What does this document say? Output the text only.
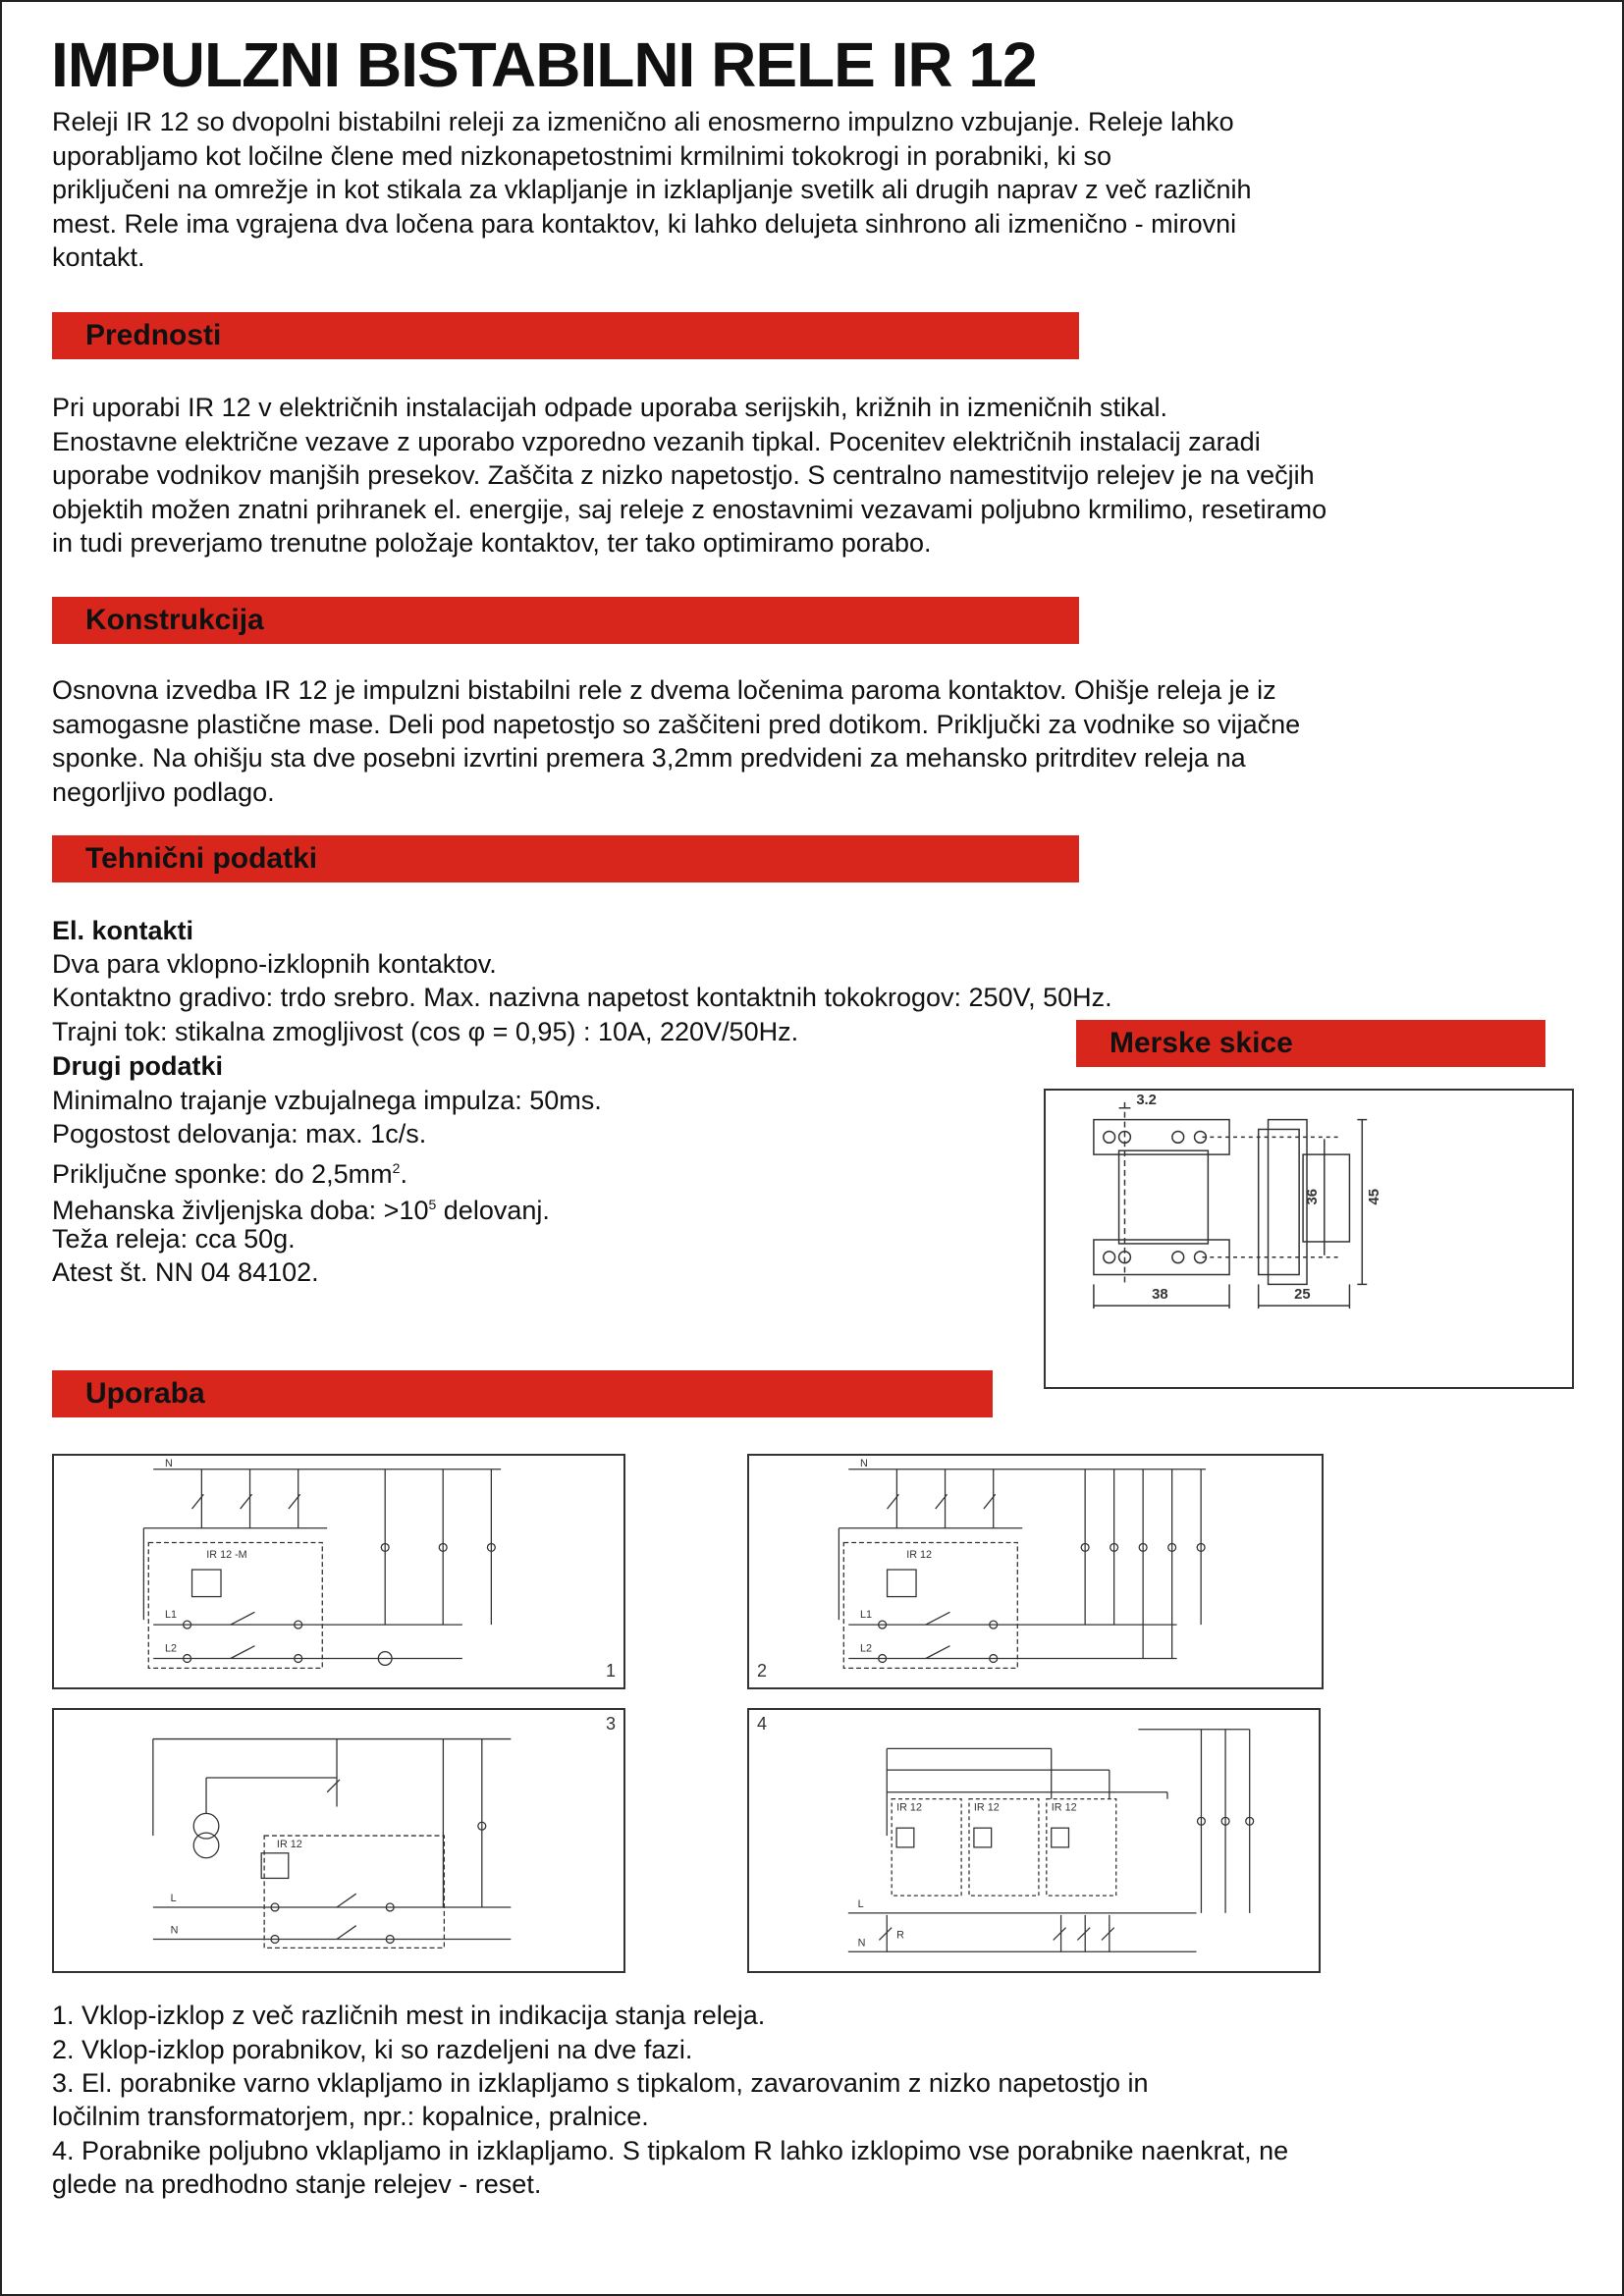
IMPULZNI BISTABILNI RELE IR 12

Releji IR 12 so dvopolni bistabilni releji za izmenično ali enosmerno impulzno vzbujanje. Releje lahko
uporabljamo kot ločilne člene med nizkonapetostnimi krmilnimi tokokrogi in porabniki, ki so
priključeni na omrežje in kot stikala za vklapljanje in izklapljanje svetilk ali drugih naprav z več različnih
mest. Rele ima vgrajena dva ločena para kontaktov, ki lahko delujeta sinhrono ali izmenično - mirovni
kontakt.

Prednosti

Pri uporabi IR 12 v električnih instalacijah odpade uporaba serijskih, križnih in izmeničnih stikal.
Enostavne električne vezave z uporabo vzporedno vezanih tipkal. Pocenitev električnih instalacij zaradi
uporabe vodnikov manjših presekov. Zaščita z nizko napetostjo. S centralno namestitvijo relejev je na večjih
objektih možen znatni prihranek el. energije, saj releje z enostavnimi vezavami poljubno krmilimo, resetiramo
in tudi preverjamo trenutne položaje kontaktov, ter tako optimiramo porabo.

Konstrukcija

Osnovna izvedba IR 12 je impulzni bistabilni rele z dvema ločenima paroma kontaktov. Ohišje releja je iz
samogasne plastične mase. Deli pod napetostjo so zaščiteni pred dotikom. Priključki za vodnike so vijačne
sponke. Na ohišju sta dve posebni izvrtini premera 3,2mm predvideni za mehansko pritrditev releja na
negorljivo podlago.

Tehnični podatki
El. kontakti
Dva para vklopno-izklopnih kontaktov.
Kontaktno gradivo: trdo srebro. Max. nazivna napetost kontaktnih tokokrogov: 250V, 50Hz.
Trajni tok: stikalna zmogljivost (cos φ = 0,95) : 10A, 220V/50Hz.
Drugi podatki
Minimalno trajanje vzbujalnega impulza: 50ms.
Pogostost delovanja: max. 1c/s.
Priključne sponke: do $2,5mm^2$.
Mehanska življenjska doba: $>10^5$ delovanj.
Teža releja: cca 50g.
Atest št. NN 04 84102.
Merske skice
3.2
38	25
36	45
Uporaba
IR 12 -M
L1
L2
N
1
IR 12
L1
L2
N
2
IR 12
L
N
3
IR 12	IR 12	IR 12
L
N
R
4
1. Vklop-izklop z več različnih mest in indikacija stanja releja.
2. Vklop-izklop porabnikov, ki so razdeljeni na dve fazi.
3. El. porabnike varno vklapljamo in izklapljamo s tipkalom, zavarovanim z nizko napetostjo in
ločilnim transformatorjem, npr.: kopalnice, pralnice.
4. Porabnike poljubno vklapljamo in izklapljamo. S tipkalom R lahko izklopimo vse porabnike naenkrat, ne
glede na predhodno stanje relejev - reset.
